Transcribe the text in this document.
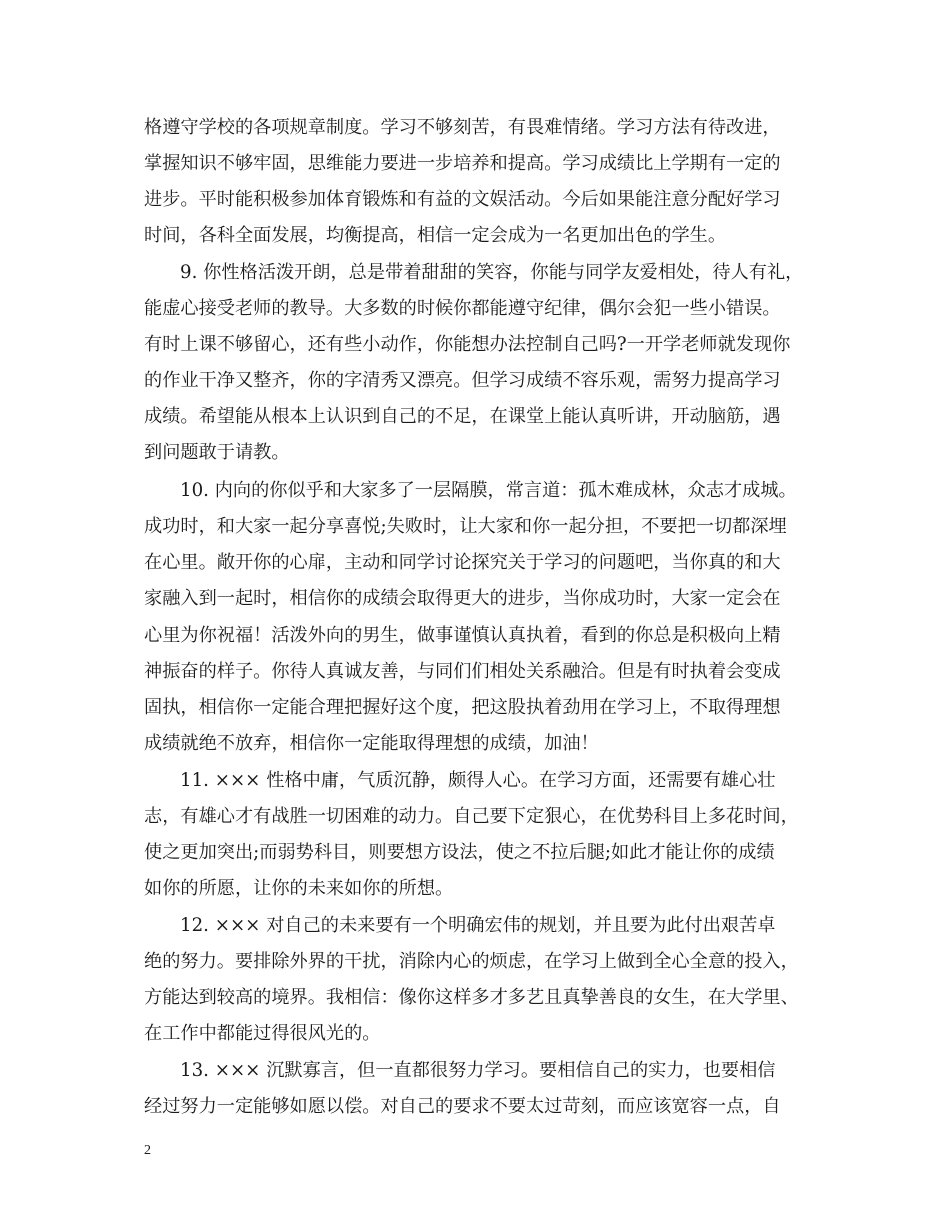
格遵守学校的各项规章制度。学习不够刻苦，有畏难情绪。学习方法有待改进，
掌握知识不够牢固，思维能力要进一步培养和提高。学习成绩比上学期有一定的
进步。平时能积极参加体育锻炼和有益的文娱活动。今后如果能注意分配好学习
时间，各科全面发展，均衡提高，相信一定会成为一名更加出色的学生。
9. 你性格活泼开朗，总是带着甜甜的笑容，你能与同学友爱相处，待人有礼，
能虚心接受老师的教导。大多数的时候你都能遵守纪律，偶尔会犯一些小错误。
有时上课不够留心，还有些小动作，你能想办法控制自己吗?一开学老师就发现你
的作业干净又整齐，你的字清秀又漂亮。但学习成绩不容乐观，需努力提高学习
成绩。希望能从根本上认识到自己的不足，在课堂上能认真听讲，开动脑筋，遇
到问题敢于请教。
10. 内向的你似乎和大家多了一层隔膜，常言道：孤木难成林，众志才成城。
成功时，和大家一起分享喜悦;失败时，让大家和你一起分担，不要把一切都深埋
在心里。敞开你的心扉，主动和同学讨论探究关于学习的问题吧，当你真的和大
家融入到一起时，相信你的成绩会取得更大的进步，当你成功时，大家一定会在
心里为你祝福！活泼外向的男生，做事谨慎认真执着，看到的你总是积极向上精
神振奋的样子。你待人真诚友善，与同们们相处关系融洽。但是有时执着会变成
固执，相信你一定能合理把握好这个度，把这股执着劲用在学习上，不取得理想
成绩就绝不放弃，相信你一定能取得理想的成绩，加油！
11. ××× 性格中庸，气质沉静，颇得人心。在学习方面，还需要有雄心壮
志，有雄心才有战胜一切困难的动力。自己要下定狠心，在优势科目上多花时间，
使之更加突出;而弱势科目，则要想方设法，使之不拉后腿;如此才能让你的成绩
如你的所愿，让你的未来如你的所想。
12. ××× 对自己的未来要有一个明确宏伟的规划，并且要为此付出艰苦卓
绝的努力。要排除外界的干扰，消除内心的烦虑，在学习上做到全心全意的投入，
方能达到较高的境界。我相信：像你这样多才多艺且真挚善良的女生，在大学里、
在工作中都能过得很风光的。
13. ××× 沉默寡言，但一直都很努力学习。要相信自己的实力，也要相信
经过努力一定能够如愿以偿。对自己的要求不要太过苛刻，而应该宽容一点，自
2
